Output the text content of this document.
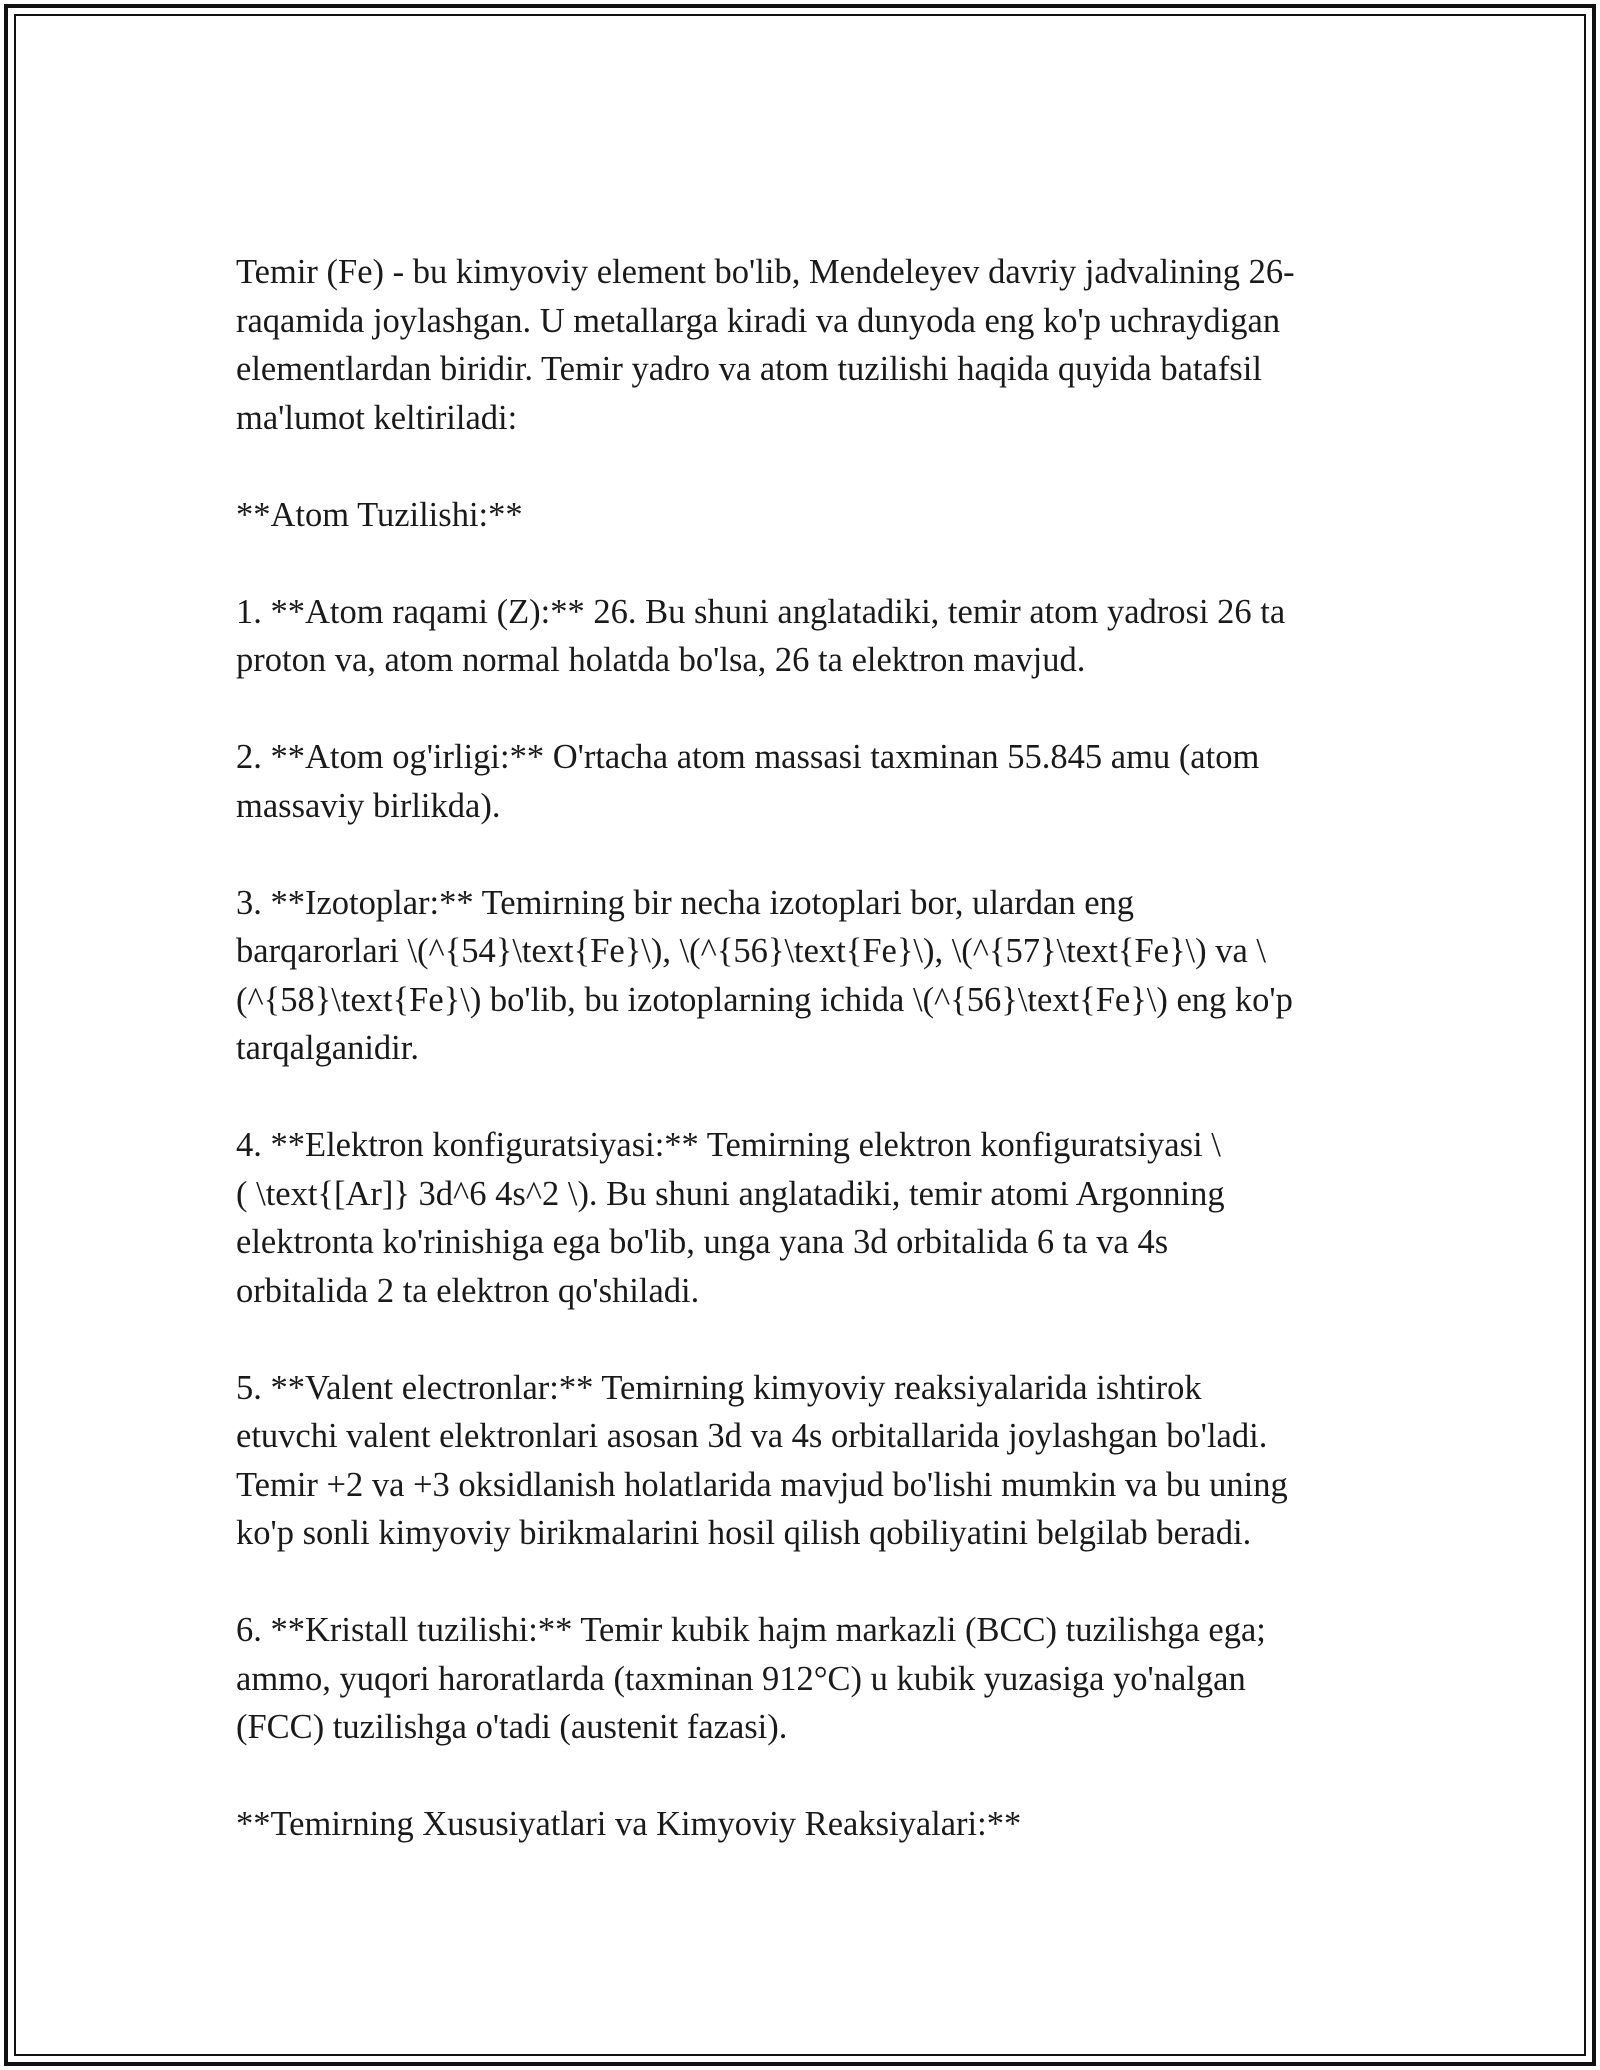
Temir (Fe) - bu kimyoviy element bo'lib, Mendeleyev davriy jadvalining 26-
raqamida joylashgan. U metallarga kiradi va dunyoda eng ko'p uchraydigan
elementlardan biridir. Temir yadro va atom tuzilishi haqida quyida batafsil
ma'lumot keltiriladi:

**Atom Tuzilishi:**

1. **Atom raqami (Z):** 26. Bu shuni anglatadiki, temir atom yadrosi 26 ta
proton va, atom normal holatda bo'lsa, 26 ta elektron mavjud.

2. **Atom og'irligi:** O'rtacha atom massasi taxminan 55.845 amu (atom
massaviy birlikda).

3. **Izotoplar:** Temirning bir necha izotoplari bor, ulardan eng
barqarorlari \(^{54}\text{Fe}\), \(^{56}\text{Fe}\), \(^{57}\text{Fe}\) va \
(^{58}\text{Fe}\) bo'lib, bu izotoplarning ichida \(^{56}\text{Fe}\) eng ko'p
tarqalganidir.

4. **Elektron konfiguratsiyasi:** Temirning elektron konfiguratsiyasi \
( \text{[Ar]} 3d^6 4s^2 \). Bu shuni anglatadiki, temir atomi Argonning
elektronta ko'rinishiga ega bo'lib, unga yana 3d orbitalida 6 ta va 4s
orbitalida 2 ta elektron qo'shiladi.

5. **Valent electronlar:** Temirning kimyoviy reaksiyalarida ishtirok
etuvchi valent elektronlari asosan 3d va 4s orbitallarida joylashgan bo'ladi.
Temir +2 va +3 oksidlanish holatlarida mavjud bo'lishi mumkin va bu uning
ko'p sonli kimyoviy birikmalarini hosil qilish qobiliyatini belgilab beradi.

6. **Kristall tuzilishi:** Temir kubik hajm markazli (BCC) tuzilishga ega;
ammo, yuqori haroratlarda (taxminan 912°C) u kubik yuzasiga yo'nalgan
(FCC) tuzilishga o'tadi (austenit fazasi).

**Temirning Xususiyatlari va Kimyoviy Reaksiyalari:**
